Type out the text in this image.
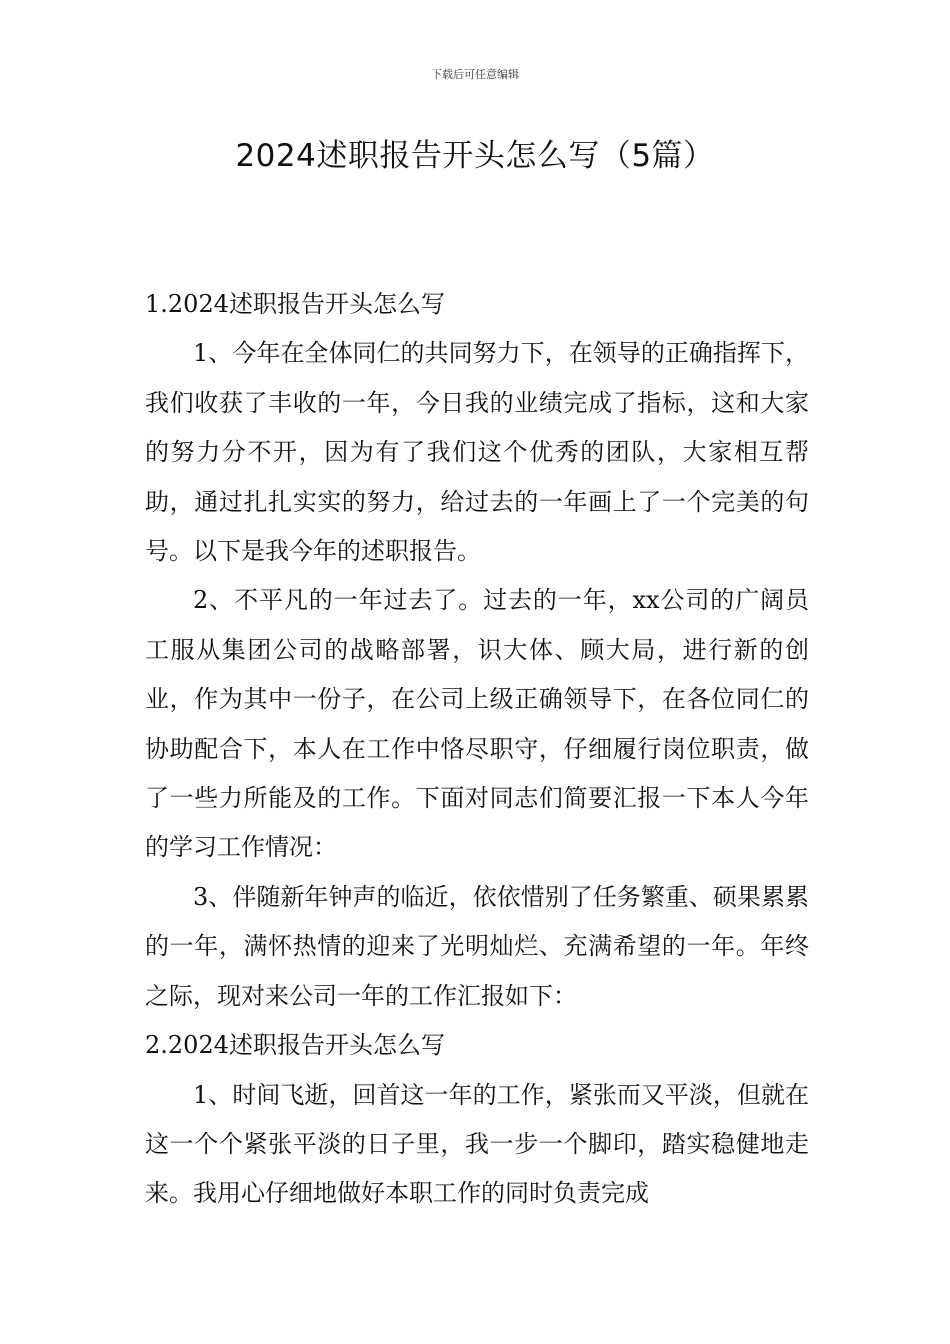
下载后可任意编辑
2024述职报告开头怎么写（5篇）
1.2024述职报告开头怎么写

1、今年在全体同仁的共同努力下，在领导的正确指挥下，我们收获了丰收的一年，今日我的业绩完成了指标，这和大家的努力分不开，因为有了我们这个优秀的团队，大家相互帮助，通过扎扎实实的努力，给过去的一年画上了一个完美的句号。以下是我今年的述职报告。

2、不平凡的一年过去了。过去的一年，xx公司的广阔员工服从集团公司的战略部署，识大体、顾大局，进行新的创业，作为其中一份子，在公司上级正确领导下，在各位同仁的协助配合下，本人在工作中恪尽职守，仔细履行岗位职责，做了一些力所能及的工作。下面对同志们简要汇报一下本人今年的学习工作情况：

3、伴随新年钟声的临近，依依惜别了任务繁重、硕果累累的一年，满怀热情的迎来了光明灿烂、充满希望的一年。年终之际，现对来公司一年的工作汇报如下：

2.2024述职报告开头怎么写

1、时间飞逝，回首这一年的工作，紧张而又平淡，但就在这一个个紧张平淡的日子里，我一步一个脚印，踏实稳健地走来。我用心仔细地做好本职工作的同时负责完成
